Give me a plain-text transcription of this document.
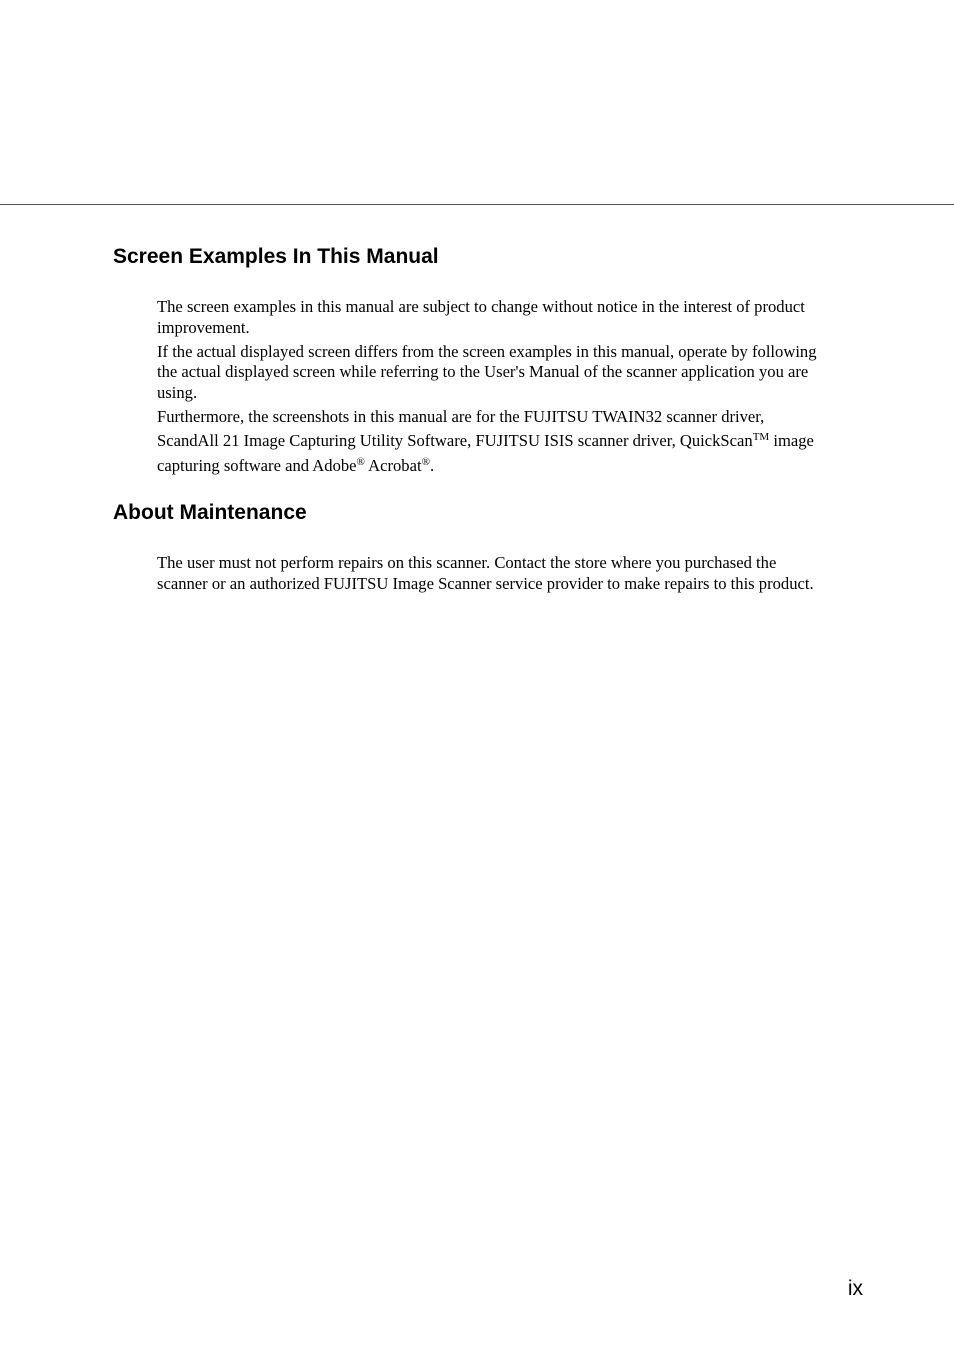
Screen Examples In This Manual

The screen examples in this manual are subject to change without notice in the interest of product
improvement.

If the actual displayed screen differs from the screen examples in this manual, operate by following
the actual displayed screen while referring to the User's Manual of the scanner application you are
using.

Furthermore, the screenshots in this manual are for the FUJITSU TWAIN32 scanner driver,
ScandAll 21 Image Capturing Utility Software, FUJITSU ISIS scanner driver, QuickScan™ image
capturing software and Adobe® Acrobat®.

About Maintenance

The user must not perform repairs on this scanner. Contact the store where you purchased the
scanner or an authorized FUJITSU Image Scanner service provider to make repairs to this product.

ix
